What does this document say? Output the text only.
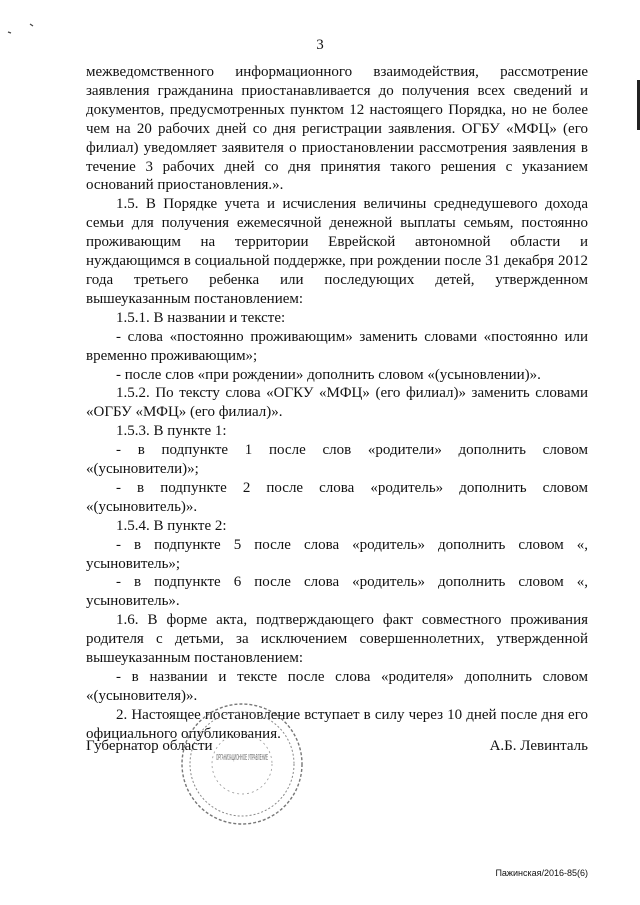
3

межведомственного информационного взаимодействия, рассмотрение заявления гражданина приостанавливается до получения всех сведений и документов, предусмотренных пунктом 12 настоящего Порядка, но не более чем на 20 рабочих дней со дня регистрации заявления. ОГБУ «МФЦ» (его филиал) уведомляет заявителя о приостановлении рассмотрения заявления в течение 3 рабочих дней со дня принятия такого решения с указанием оснований приостановления.».

1.5. В Порядке учета и исчисления величины среднедушевого дохода семьи для получения ежемесячной денежной выплаты семьям, постоянно проживающим на территории Еврейской автономной области и нуждающимся в социальной поддержке, при рождении после 31 декабря 2012 года третьего ребенка или последующих детей, утвержденном вышеуказанным постановлением:

1.5.1. В названии и тексте:

- слова «постоянно проживающим» заменить словами «постоянно или временно проживающим»;

- после слов «при рождении» дополнить словом «(усыновлении)».

1.5.2. По тексту слова «ОГКУ «МФЦ» (его филиал)» заменить словами «ОГБУ «МФЦ» (его филиал)».

1.5.3. В пункте 1:

- в подпункте 1 после слов «родители» дополнить словом «(усыновители)»;

- в подпункте 2 после слова «родитель» дополнить словом «(усыновитель)».

1.5.4. В пункте 2:

- в подпункте 5 после слова «родитель» дополнить словом «, усыновитель»;

- в подпункте 6 после слова «родитель» дополнить словом «, усыновитель».

1.6. В форме акта, подтверждающего факт совместного проживания родителя с детьми, за исключением совершеннолетних, утвержденной вышеуказанным постановлением:

- в названии и тексте после слова «родителя» дополнить словом «(усыновителя)».

2. Настоящее постановление вступает в силу через 10 дней после дня его официального опубликования.

ОРГАНИЗАЦИОННОЕ УПРАВЛЕНИЕ
Губернатор области	А.Б. Левинталь
Пажинская/2016-85(6)
